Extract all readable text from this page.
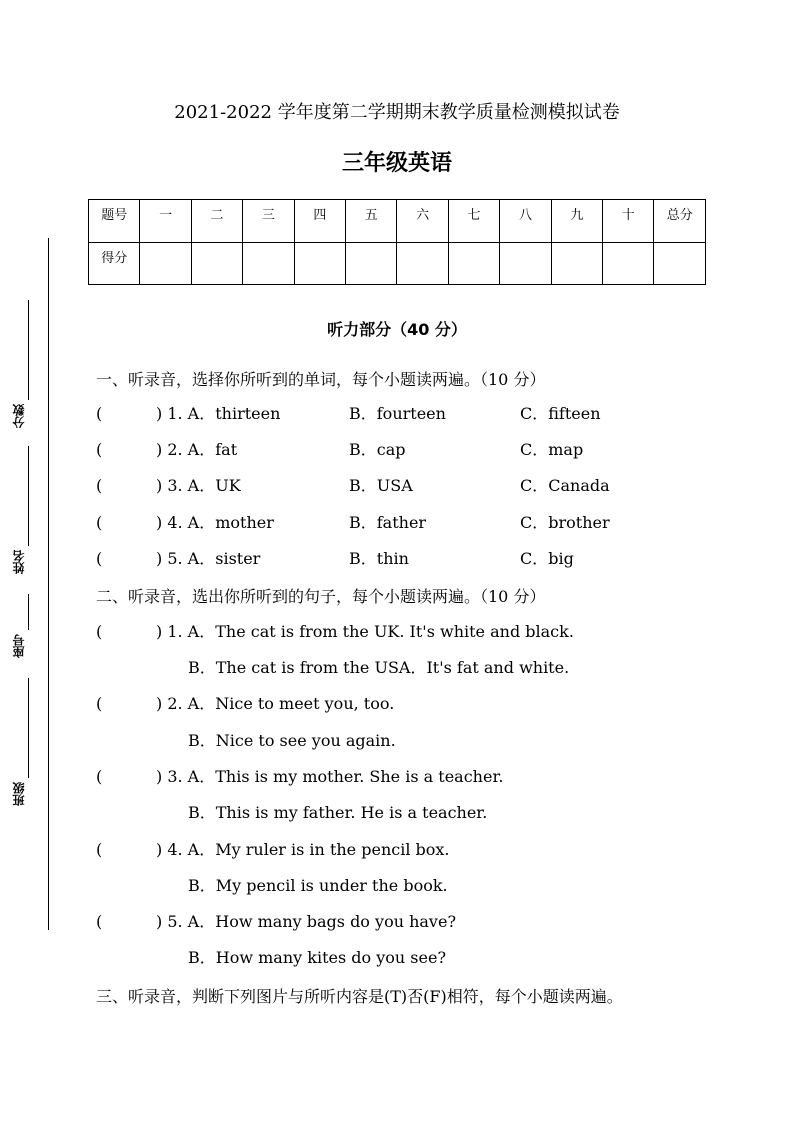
2021-2022 学年度第二学期期末教学质量检测模拟试卷
三年级英语
题号	一	二	三	四	五	六	七	八	九	十	总分
得分											
分数
姓名
座号
班级
听力部分（40 分）
一、听录音，选择你所听到的单词，每个小题读两遍。（10 分）
(	) 1. A．thirteen	B．fourteen	C．fifteen
(	) 2. A．fat	B．cap	C．map
(	) 3. A．UK	B．USA	C．Canada
(	) 4. A．mother	B．father	C．brother
(	) 5. A．sister	B．thin	C．big
二、听录音，选出你所听到的句子，每个小题读两遍。（10 分）
(	) 1. A．The cat is from the UK. It's white and black.
B．The cat is from the USA．It's fat and white.
(	) 2. A．Nice to meet you, too.
B．Nice to see you again.
(	) 3. A．This is my mother. She is a teacher.
B．This is my father. He is a teacher.
(	) 4. A．My ruler is in the pencil box.
B．My pencil is under the book.
(	) 5. A．How many bags do you have?
B．How many kites do you see?
三、听录音，判断下列图片与所听内容是(T)否(F)相符，每个小题读两遍。
